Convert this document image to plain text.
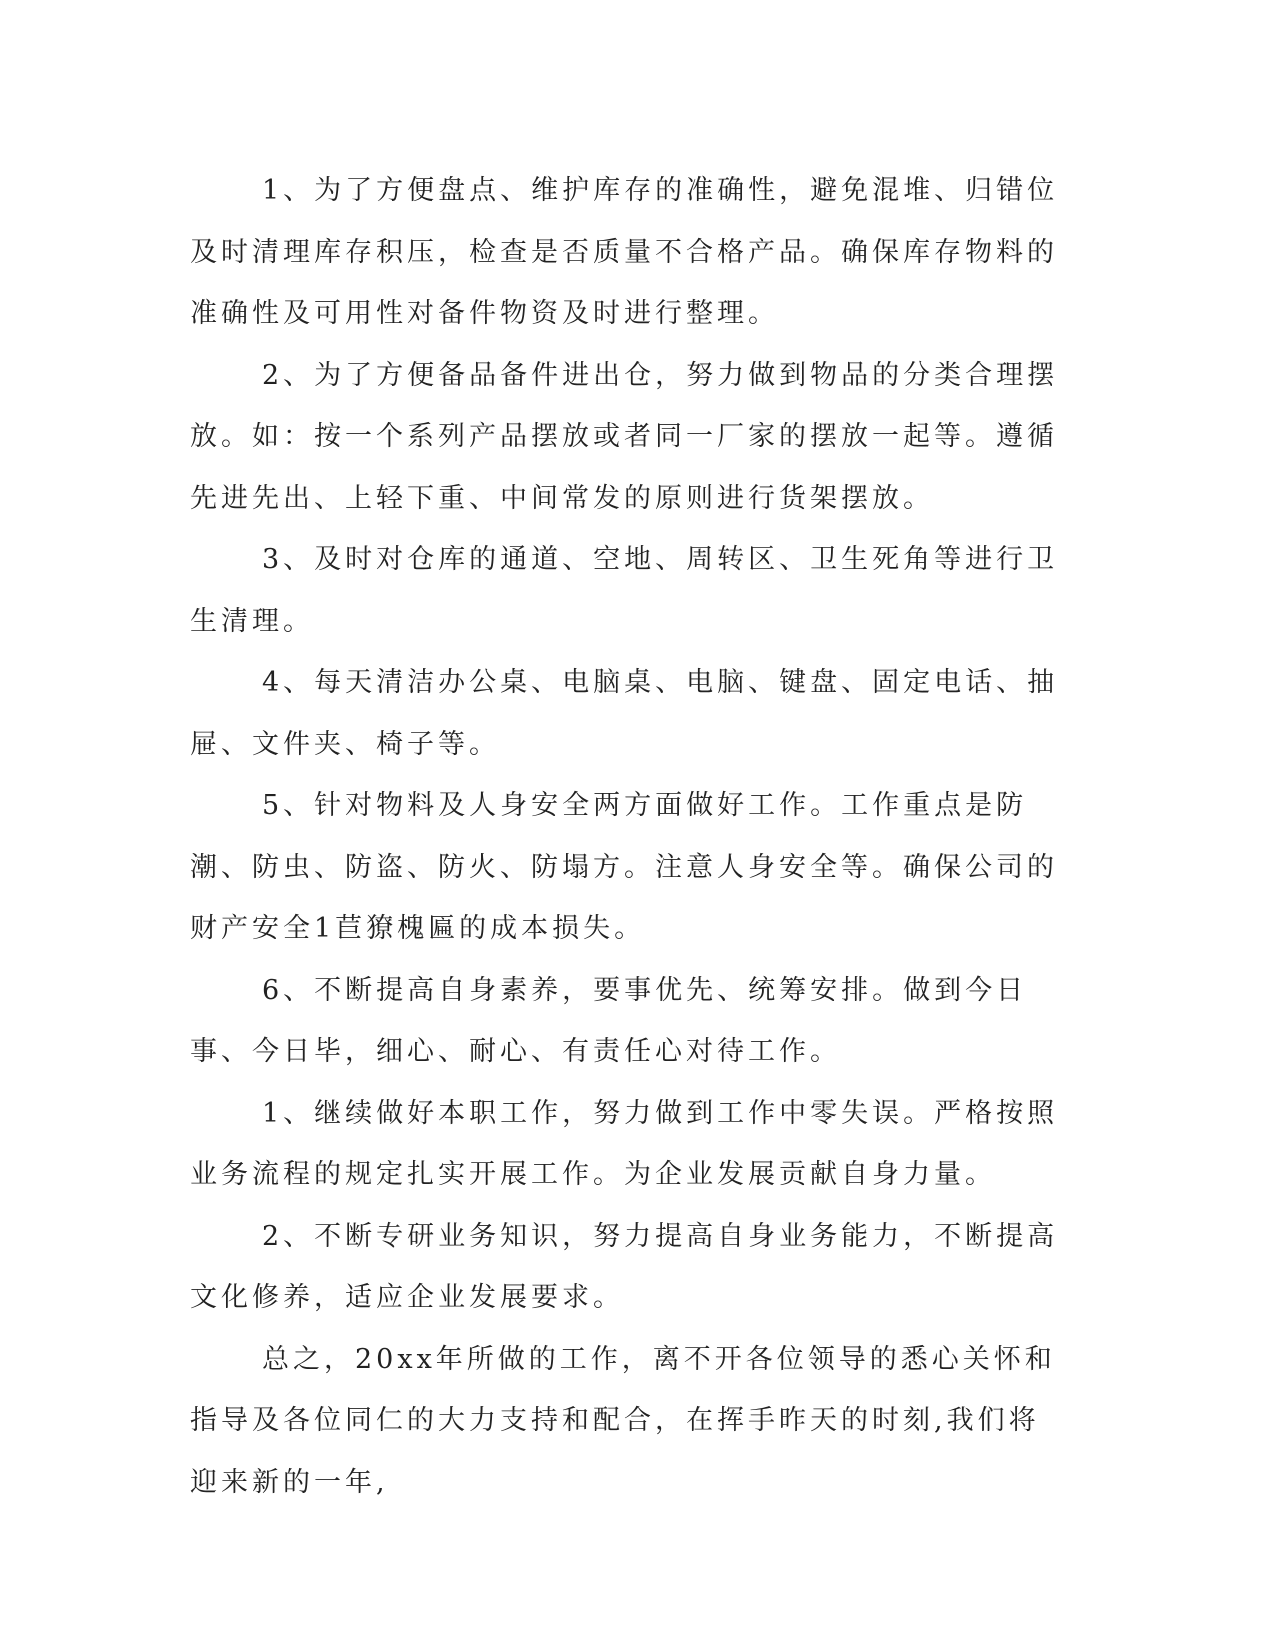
1、为了方便盘点、维护库存的准确性，避免混堆、归错位及时清理库存积压，检查是否质量不合格产品。确保库存物料的准确性及可用性对备件物资及时进行整理。

2、为了方便备品备件进出仓，努力做到物品的分类合理摆放。如：按一个系列产品摆放或者同一厂家的摆放一起等。遵循先进先出、上轻下重、中间常发的原则进行货架摆放。

3、及时对仓库的通道、空地、周转区、卫生死角等进行卫生清理。

4、每天清洁办公桌、电脑桌、电脑、键盘、固定电话、抽屉、文件夹、椅子等。

5、针对物料及人身安全两方面做好工作。工作重点是防潮、防虫、防盗、防火、防塌方。注意人身安全等。确保公司的财产安全1苣獠槐匾的成本损失。

6、不断提高自身素养，要事优先、统筹安排。做到今日事、今日毕，细心、耐心、有责任心对待工作。

1、继续做好本职工作，努力做到工作中零失误。严格按照业务流程的规定扎实开展工作。为企业发展贡献自身力量。

2、不断专研业务知识，努力提高自身业务能力，不断提高文化修养，适应企业发展要求。

总之，20xx年所做的工作，离不开各位领导的悉心关怀和指导及各位同仁的大力支持和配合，在挥手昨天的时刻,我们将迎来新的一年,
